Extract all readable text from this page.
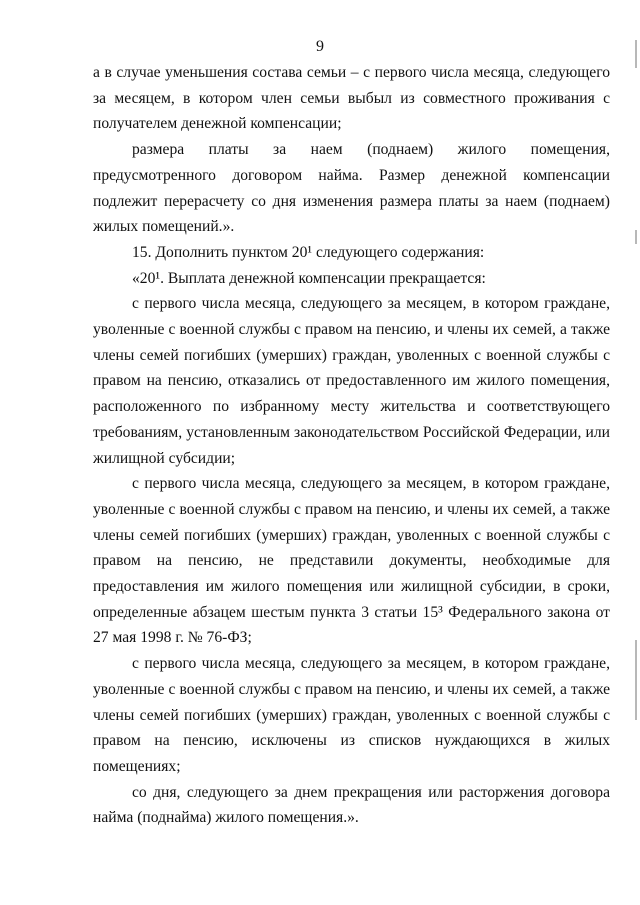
9

а в случае уменьшения состава семьи – с первого числа месяца, следующего за месяцем, в котором член семьи выбыл из совместного проживания с получателем денежной компенсации;

размера платы за наем (поднаем) жилого помещения, предусмотренного договором найма. Размер денежной компенсации подлежит перерасчету со дня изменения размера платы за наем (поднаем) жилых помещений.».

15. Дополнить пунктом 20¹ следующего содержания:

«20¹. Выплата денежной компенсации прекращается:

с первого числа месяца, следующего за месяцем, в котором граждане, уволенные с военной службы с правом на пенсию, и члены их семей, а также члены семей погибших (умерших) граждан, уволенных с военной службы с правом на пенсию, отказались от предоставленного им жилого помещения, расположенного по избранному месту жительства и соответствующего требованиям, установленным законодательством Российской Федерации, или жилищной субсидии;

с первого числа месяца, следующего за месяцем, в котором граждане, уволенные с военной службы с правом на пенсию, и члены их семей, а также члены семей погибших (умерших) граждан, уволенных с военной службы с правом на пенсию, не представили документы, необходимые для предоставления им жилого помещения или жилищной субсидии, в сроки, определенные абзацем шестым пункта 3 статьи 15³ Федерального закона от 27 мая 1998 г. № 76-ФЗ;

с первого числа месяца, следующего за месяцем, в котором граждане, уволенные с военной службы с правом на пенсию, и члены их семей, а также члены семей погибших (умерших) граждан, уволенных с военной службы с правом на пенсию, исключены из списков нуждающихся в жилых помещениях;

со дня, следующего за днем прекращения или расторжения договора найма (поднайма) жилого помещения.».
